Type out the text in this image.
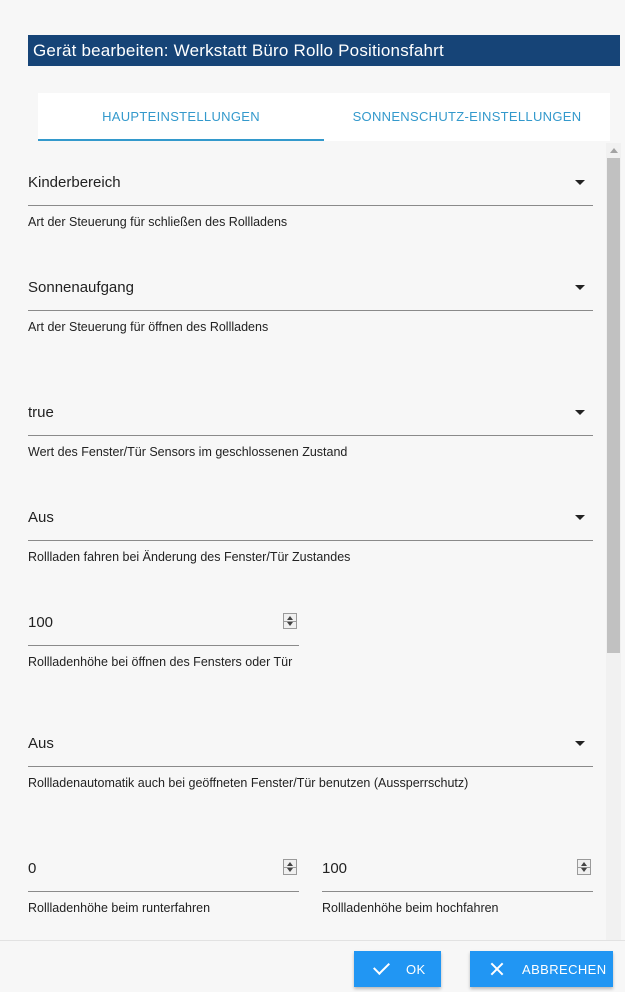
Gerät bearbeiten: Werkstatt Büro Rollo Positionsfahrt
HAUPTEINSTELLUNGEN	SONNENSCHUTZ-EINSTELLUNGEN
Kinderbereich
Art der Steuerung für schließen des Rollladens
Sonnenaufgang
Art der Steuerung für öffnen des Rollladens
true
Wert des Fenster/Tür Sensors im geschlossenen Zustand
Aus
Rollladen fahren bei Änderung des Fenster/Tür Zustandes
100
Rollladenhöhe bei öffnen des Fensters oder Tür
Aus
Rollladenautomatik auch bei geöffneten Fenster/Tür benutzen (Aussperrschutz)
0
Rollladenhöhe beim runterfahren
100
Rollladenhöhe beim hochfahren
OK	ABBRECHEN
